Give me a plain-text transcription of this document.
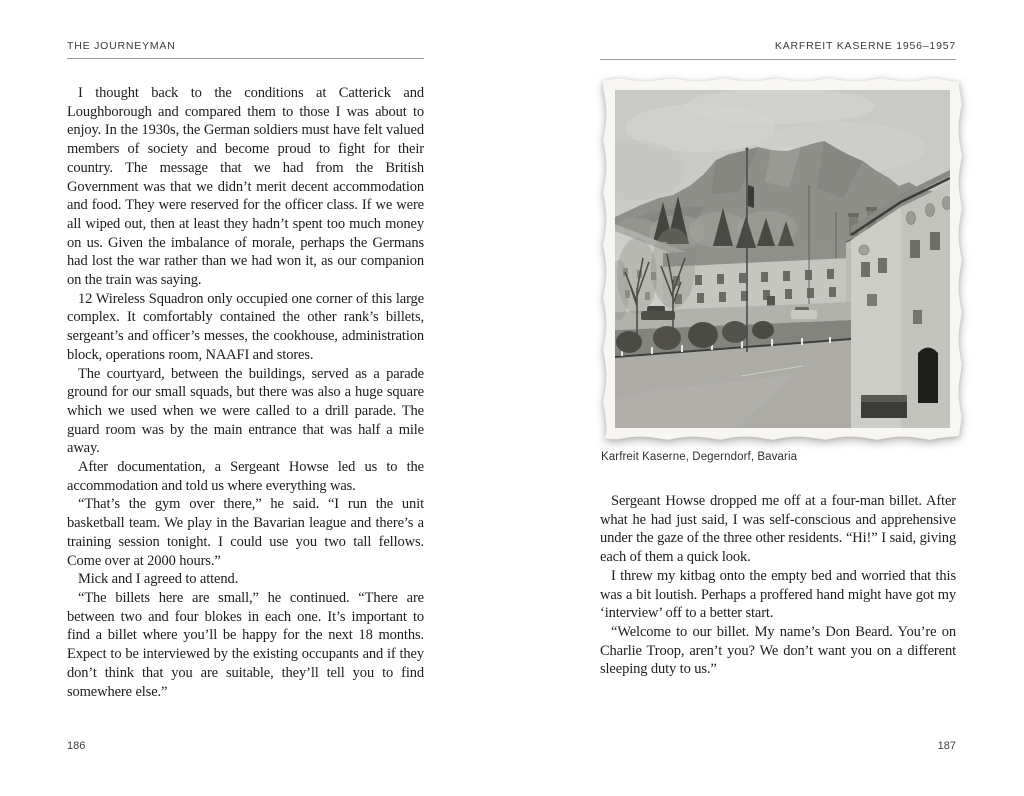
THE JOURNEYMAN

I thought back to the conditions at Catterick and Loughborough and compared them to those I was about to enjoy. In the 1930s, the German soldiers must have felt valued members of society and become proud to fight for their country. The message that we had from the British Government was that we didn’t merit decent accommodation and food. They were reserved for the officer class. If we were all wiped out, then at least they hadn’t spent too much money on us. Given the imbalance of morale, perhaps the Germans had lost the war rather than we had won it, as our companion on the train was saying.

12 Wireless Squadron only occupied one corner of this large complex. It comfortably contained the other rank’s billets, sergeant’s and officer’s messes, the cookhouse, administration block, operations room, NAAFI and stores.

The courtyard, between the buildings, served as a parade ground for our small squads, but there was also a huge square which we used when we were called to a drill parade. The guard room was by the main entrance that was half a mile away.

After documentation, a Sergeant Howse led us to the accommodation and told us where everything was.

“That’s the gym over there,” he said. “I run the unit basketball team. We play in the Bavarian league and there’s a training session tonight. I could use you two tall fellows. Come over at 2000 hours.”

Mick and I agreed to attend.

“The billets here are small,” he continued. “There are between two and four blokes in each one. It’s important to find a billet where you’ll be happy for the next 18 months. Expect to be interviewed by the existing occupants and if they don’t think that you are suitable, they’ll tell you to find somewhere else.”

186
KARFREIT KASERNE 1956–1957
Karfreit Kaserne, Degerndorf, Bavaria

Sergeant Howse dropped me off at a four-man billet. After what he had just said, I was self-conscious and apprehensive under the gaze of the three other residents. “Hi!” I said, giving each of them a quick look.

I threw my kitbag onto the empty bed and worried that this was a bit loutish. Perhaps a proffered hand might have got my ‘interview’ off to a better start.

“Welcome to our billet. My name’s Don Beard. You’re on Charlie Troop, aren’t you? We don’t want you on a different sleeping duty to us.”

187
